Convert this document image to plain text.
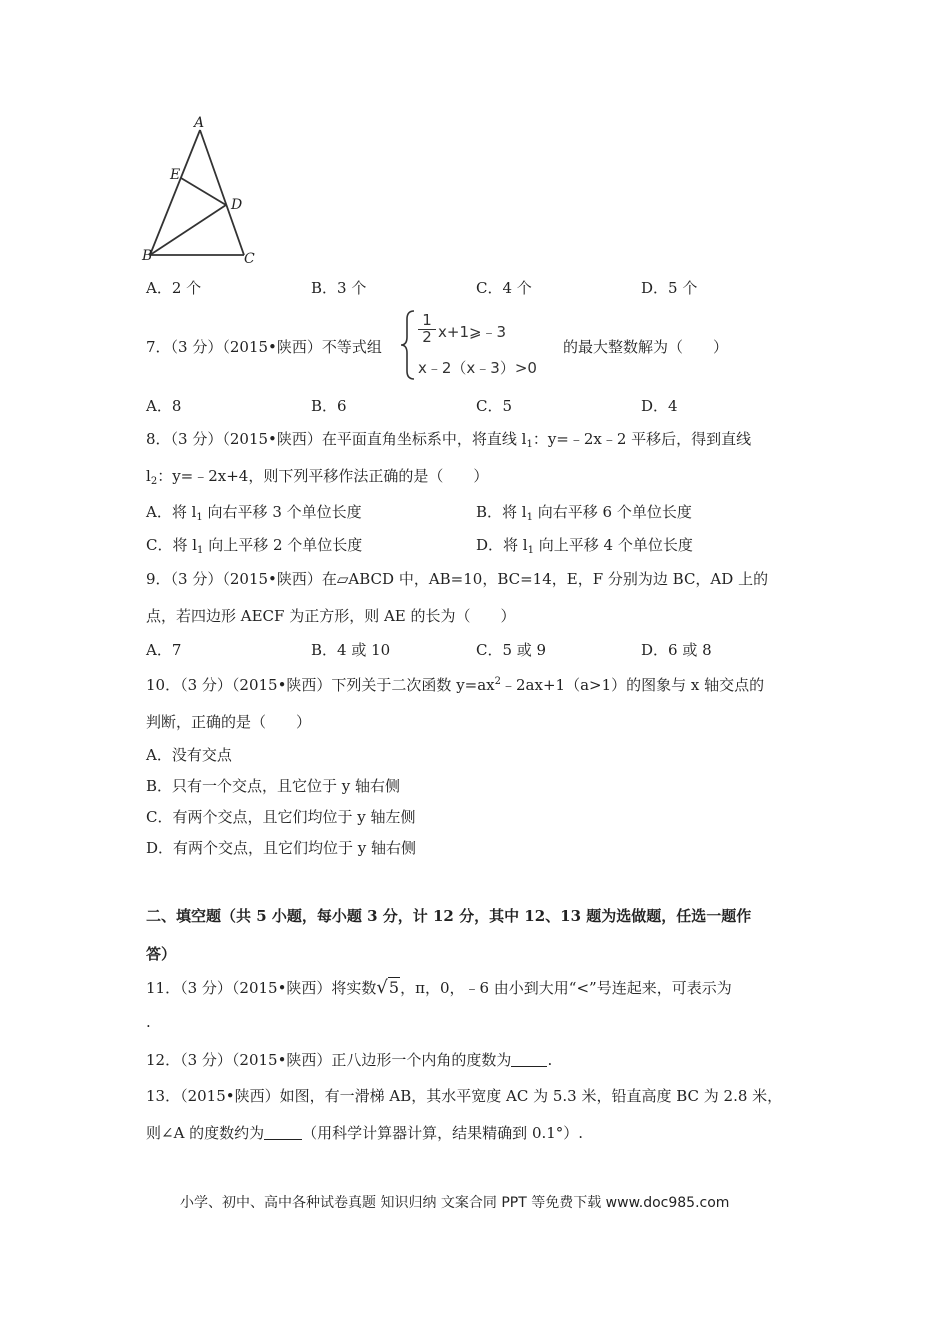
A
E
D
B	C
A．2 个	B．3 个	C．4 个	D．5 个
7．（3 分）（2015•陕西）不等式组
1
2 x+1⩾﹣3
x﹣2（x﹣3）>0
的最大整数解为（　　）
A．8	B．6	C．5	D．4
8．（3 分）（2015•陕西）在平面直角坐标系中，将直线 $l_1$：y=﹣2x﹣2 平移后，得到直线
$l_2$：y=﹣2x+4，则下列平移作法正确的是（　　）
A．将 $l_1$ 向右平移 3 个单位长度	B．将 $l_1$ 向右平移 6 个单位长度
C．将 $l_1$ 向上平移 2 个单位长度	D．将 $l_1$ 向上平移 4 个单位长度
9．（3 分）（2015•陕西）在▱ABCD 中，AB=10，BC=14，E，F 分别为边 BC，AD 上的
点，若四边形 AECF 为正方形，则 AE 的长为（　　）
A．7	B．4 或 10	C．5 或 9	D．6 或 8
10．（3 分）（2015•陕西）下列关于二次函数 $y=ax^2﹣2ax+1(a>1)$的图象与 x 轴交点的
判断，正确的是（　　）
A．没有交点
B．只有一个交点，且它位于 y 轴右侧
C．有两个交点，且它们均位于 y 轴左侧
D．有两个交点，且它们均位于 y 轴右侧
二、填空题（共 5 小题，每小题 3 分，计 12 分，其中 12、13 题为选做题，任选一题作
答）
11．（3 分）（2015•陕西）将实数√5，π，0，﹣6 由小到大用“<”号连起来，可表示为
.
12．（3 分）（2015•陕西）正八边形一个内角的度数为 .
13．（2015•陕西）如图，有一滑梯 AB，其水平宽度 AC 为 5.3 米，铅直高度 BC 为 2.8 米，
则∠A 的度数约为	（用科学计算器计算，结果精确到 0.1°）.
小学、初中、高中各种试卷真题 知识归纳 文案合同 PPT 等免费下载 www.doc985.com
